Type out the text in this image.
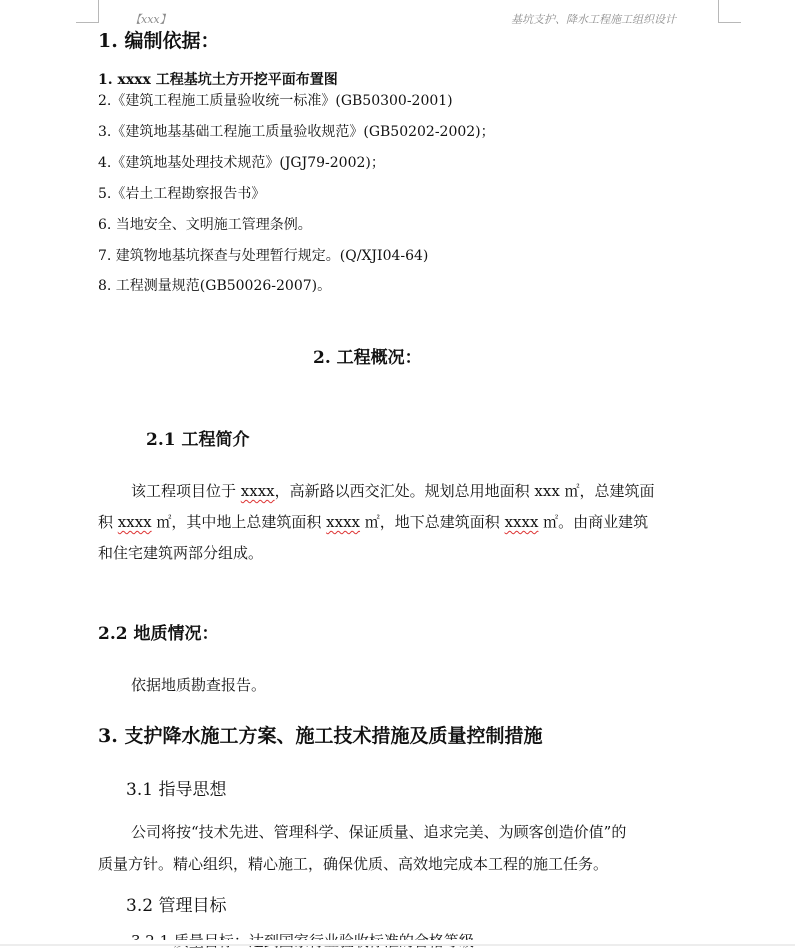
【xxx】	基坑支护、降水工程施工组织设计
1. 编制依据：
1. xxxx 工程基坑土方开挖平面布置图
2.《建筑工程施工质量验收统一标准》(GB50300-2001)
3.《建筑地基基础工程施工质量验收规范》(GB50202-2002)；
4.《建筑地基处理技术规范》(JGJ79-2002)；
5.《岩土工程勘察报告书》
6. 当地安全、文明施工管理条例。
7. 建筑物地基坑探查与处理暂行规定。(Q/XJI04-64)
8. 工程测量规范(GB50026-2007)。
2. 工程概况：
2.1 工程简介
该工程项目位于 xxxx，高新路以西交汇处。规划总用地面积 xxx ㎡，总建筑面
积 xxxx ㎡，其中地上总建筑面积 xxxx ㎡，地下总建筑面积 xxxx ㎡。由商业建筑
和住宅建筑两部分组成。
2.2 地质情况：
依据地质勘查报告。
3. 支护降水施工方案、施工技术措施及质量控制措施
3.1 指导思想
公司将按“技术先进、管理科学、保证质量、追求完美、为顾客创造价值”的
质量方针。精心组织，精心施工，确保优质、高效地完成本工程的施工任务。
3.2 管理目标
